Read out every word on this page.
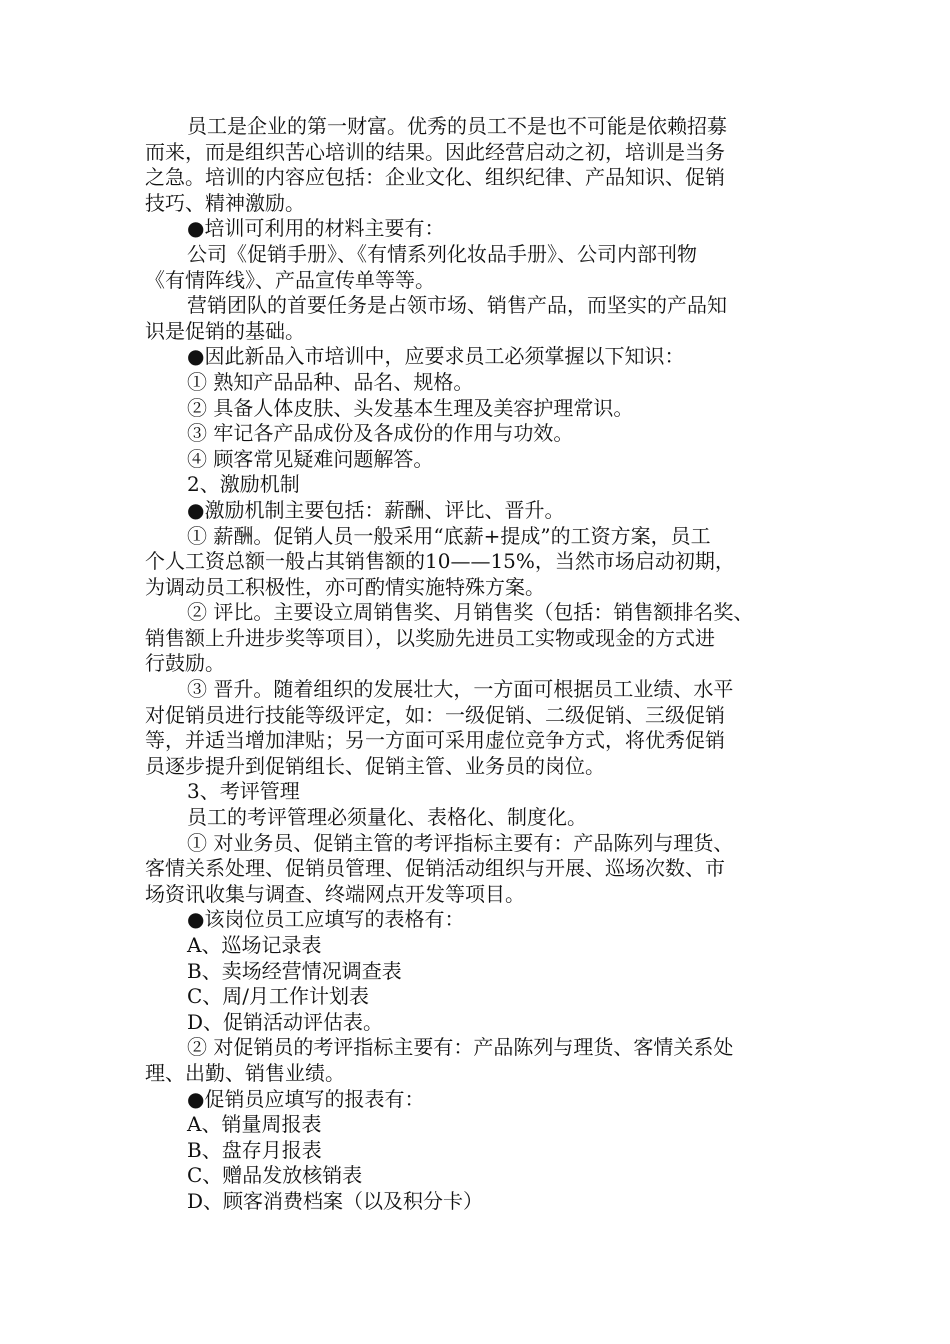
员工是企业的第一财富。优秀的员工不是也不可能是依赖招募
而来，而是组织苦心培训的结果。因此经营启动之初，培训是当务
之急。培训的内容应包括：企业文化、组织纪律、产品知识、促销
技巧、精神激励。
●培训可利用的材料主要有：
公司《促销手册》、《有情系列化妆品手册》、公司内部刊物
《有情阵线》、产品宣传单等等。
营销团队的首要任务是占领市场、销售产品，而坚实的产品知
识是促销的基础。
●因此新品入市培训中，应要求员工必须掌握以下知识：
① 熟知产品品种、品名、规格。
② 具备人体皮肤、头发基本生理及美容护理常识。
③ 牢记各产品成份及各成份的作用与功效。
④ 顾客常见疑难问题解答。
2、激励机制
●激励机制主要包括：薪酬、评比、晋升。
① 薪酬。促销人员一般采用“底薪+提成”的工资方案，员工
个人工资总额一般占其销售额的10——15%，当然市场启动初期，
为调动员工积极性，亦可酌情实施特殊方案。
② 评比。主要设立周销售奖、月销售奖（包括：销售额排名奖、
销售额上升进步奖等项目），以奖励先进员工实物或现金的方式进
行鼓励。
③ 晋升。随着组织的发展壮大，一方面可根据员工业绩、水平
对促销员进行技能等级评定，如：一级促销、二级促销、三级促销
等，并适当增加津贴；另一方面可采用虚位竞争方式，将优秀促销
员逐步提升到促销组长、促销主管、业务员的岗位。
3、考评管理
员工的考评管理必须量化、表格化、制度化。
① 对业务员、促销主管的考评指标主要有：产品陈列与理货、
客情关系处理、促销员管理、促销活动组织与开展、巡场次数、市
场资讯收集与调查、终端网点开发等项目。
●该岗位员工应填写的表格有：
A、巡场记录表
B、卖场经营情况调查表
C、周/月工作计划表
D、促销活动评估表。
② 对促销员的考评指标主要有：产品陈列与理货、客情关系处
理、出勤、销售业绩。
●促销员应填写的报表有：
A、销量周报表
B、盘存月报表
C、赠品发放核销表
D、顾客消费档案（以及积分卡）
